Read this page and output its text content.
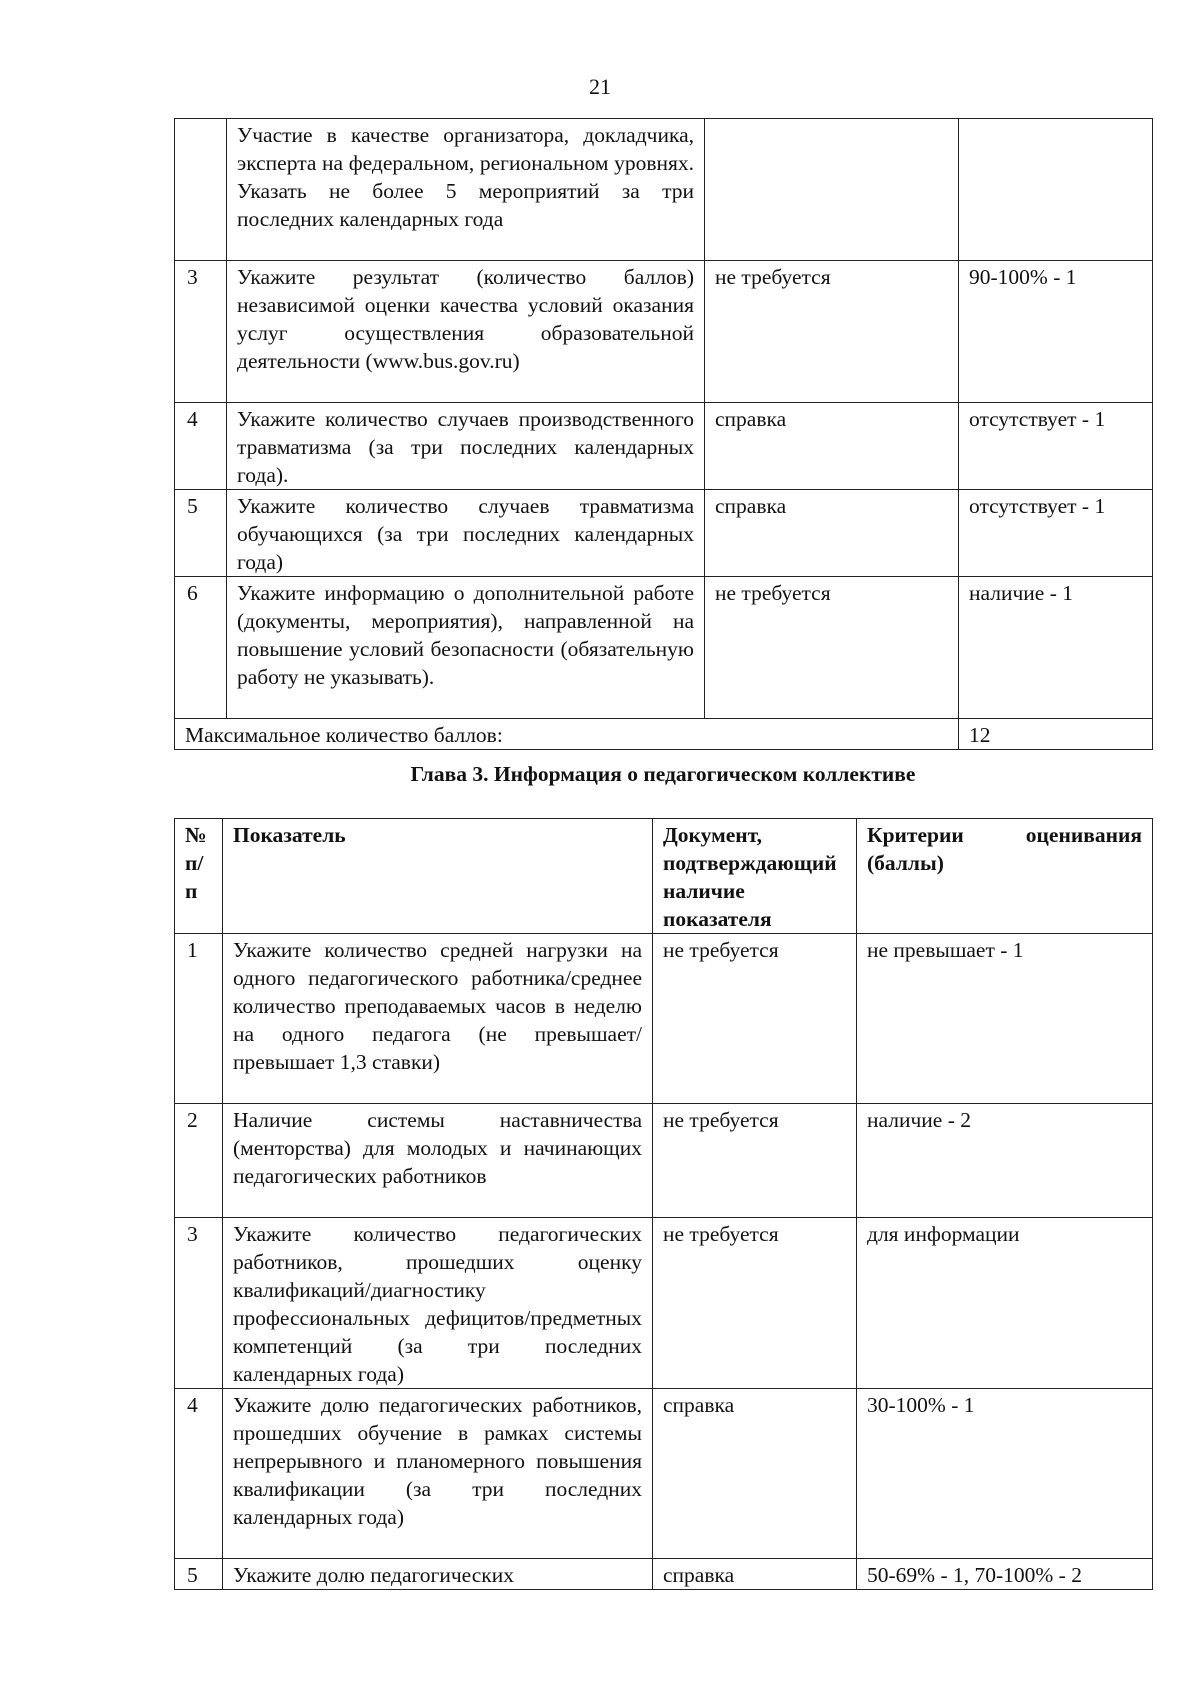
21
	Участие в качестве организатора, докладчика, эксперта на федеральном, региональном уровнях. Указать не более 5 мероприятий за три последних календарных года		
3	Укажите результат (количество баллов) независимой оценки качества условий оказания услуг осуществления образовательной деятельности (www.bus.gov.ru)	не требуется	90-100% - 1
4	Укажите количество случаев производственного травматизма (за три последних календарных года).	справка	отсутствует - 1
5	Укажите количество случаев травматизма обучающихся (за три последних календарных года)	справка	отсутствует - 1
6	Укажите информацию о дополнительной работе (документы, мероприятия), направленной на повышение условий безопасности (обязательную работу не указывать).	не требуется	наличие - 1
Максимальное количество баллов:			12
Глава 3. Информация о педагогическом коллективе
№ п/п	Показатель	Документ, подтверждающий наличие показателя	Критерии оценивания (баллы)
1	Укажите количество средней нагрузки на одного педагогического работника/среднее количество преподаваемых часов в неделю на одного педагога (не превышает/превышает 1,3 ставки)	не требуется	не превышает - 1
2	Наличие системы наставничества (менторства) для молодых и начинающих педагогических работников	не требуется	наличие - 2
3	Укажите количество педагогических работников, прошедших оценку квалификаций/диагностику профессиональных дефицитов/предметных компетенций (за три последних календарных года)	не требуется	для информации
4	Укажите долю педагогических работников, прошедших обучение в рамках системы непрерывного и планомерного повышения квалификации (за три последних календарных года)	справка	30-100% - 1
5	Укажите долю педагогических	справка	50-69% - 1, 70-100% - 2
